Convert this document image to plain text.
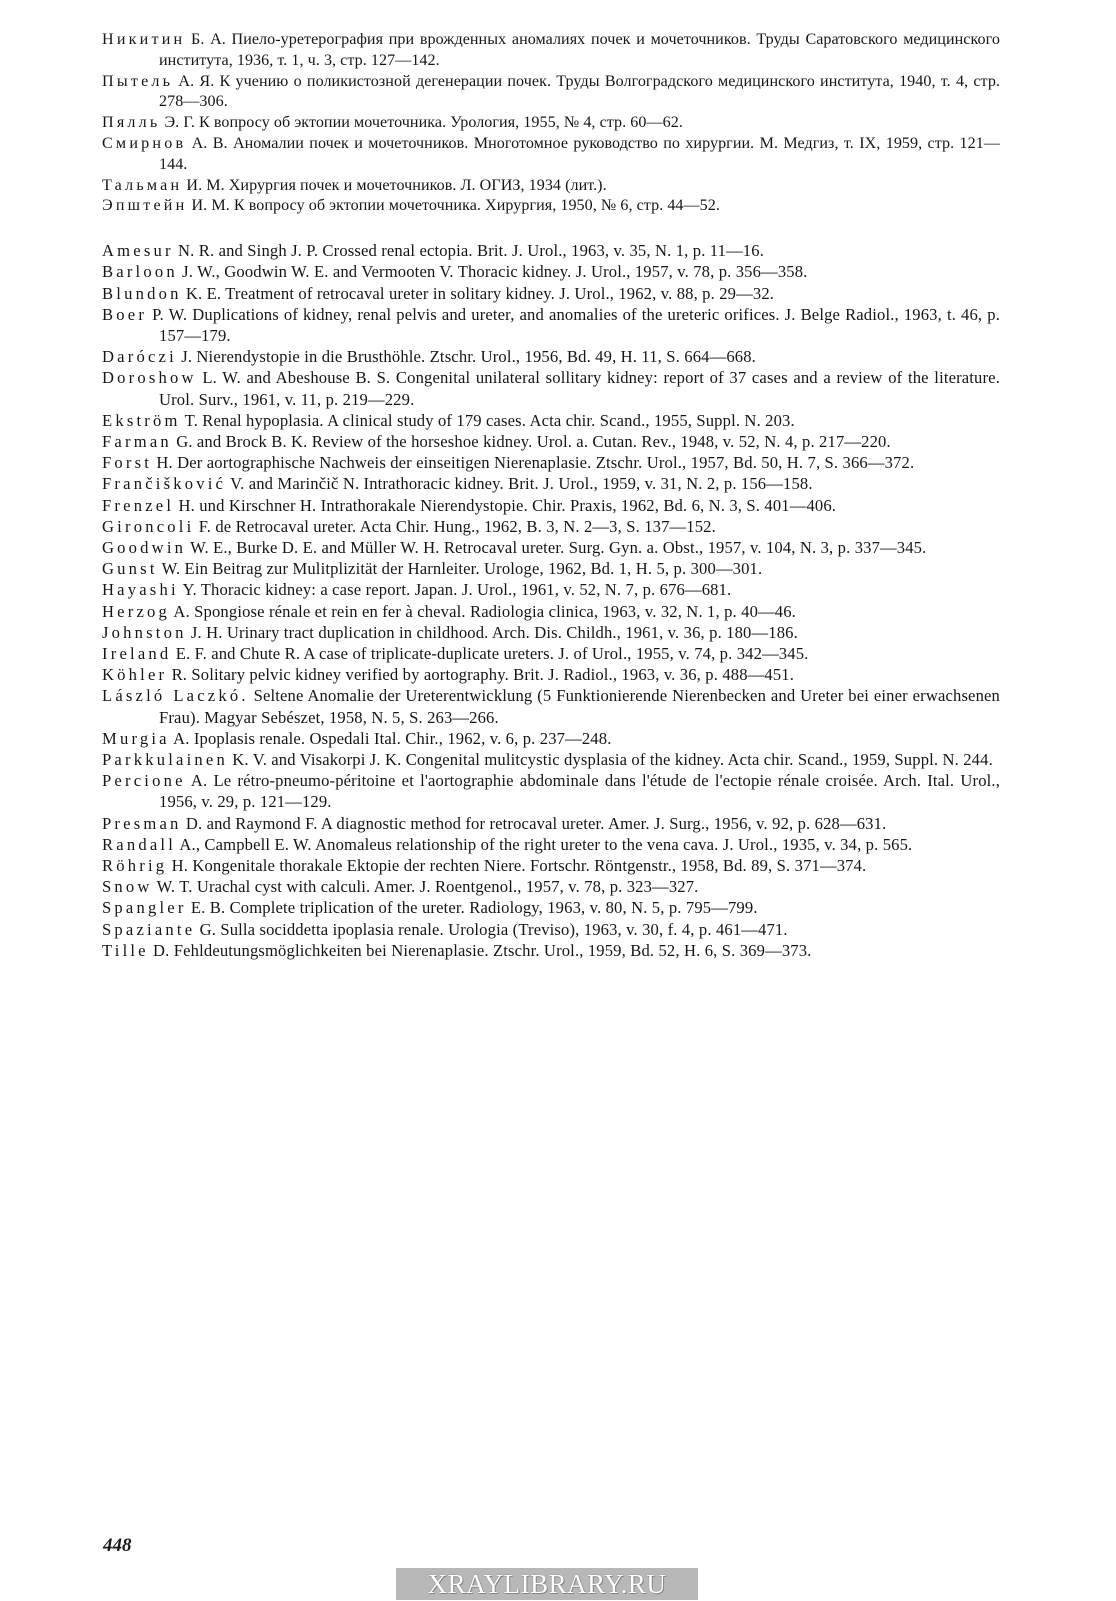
Никитин Б. А. Пиело-уретерография при врожденных аномалиях почек и мочеточников. Труды Саратовского медицинского института, 1936, т. 1, ч. 3, стр. 127—142.
Пытель А. Я. К учению о поликистозной дегенерации почек. Труды Волгоградского медицинского института, 1940, т. 4, стр. 278—306.
Пялль Э. Г. К вопросу об эктопии мочеточника. Урология, 1955, № 4, стр. 60—62.
Смирнов А. В. Аномалии почек и мочеточников. Многотомное руководство по хирургии. М. Медгиз, т. IX, 1959, стр. 121—144.
Тальман И. М. Хирургия почек и мочеточников. Л. ОГИЗ, 1934 (лит.).
Эпштейн И. М. К вопросу об эктопии мочеточника. Хирургия, 1950, № 6, стр. 44—52.
Amesur N. R. and Singh J. P. Crossed renal ectopia. Brit. J. Urol., 1963, v. 35, N. 1, p. 11—16.
Barloon J. W., Goodwin W. E. and Vermooten V. Thoracic kidney. J. Urol., 1957, v. 78, p. 356—358.
Blundon K. E. Treatment of retrocaval ureter in solitary kidney. J. Urol., 1962, v. 88, p. 29—32.
Boer P. W. Duplications of kidney, renal pelvis and ureter, and anomalies of the ureteric orifices. J. Belge Radiol., 1963, t. 46, p. 157—179.
Daróczi J. Nierendystopie in die Brusthöhle. Ztschr. Urol., 1956, Bd. 49, H. 11, S. 664—668.
Doroshow L. W. and Abeshouse B. S. Congenital unilateral sollitary kidney: report of 37 cases and a review of the literature. Urol. Surv., 1961, v. 11, p. 219—229.
Ekström T. Renal hypoplasia. A clinical study of 179 cases. Acta chir. Scand., 1955, Suppl. N. 203.
Farman G. and Brock B. K. Review of the horseshoe kidney. Urol. a. Cutan. Rev., 1948, v. 52, N. 4, p. 217—220.
Forst H. Der aortographische Nachweis der einseitigen Nierenaplasie. Ztschr. Urol., 1957, Bd. 50, H. 7, S. 366—372.
Frančišković V. and Marinčič N. Intrathoracic kidney. Brit. J. Urol., 1959, v. 31, N. 2, p. 156—158.
Frenzel H. und Kirschner H. Intrathorakale Nierendystopie. Chir. Praxis, 1962, Bd. 6, N. 3, S. 401—406.
Gironcoli F. de Retrocaval ureter. Acta Chir. Hung., 1962, B. 3, N. 2—3, S. 137—152.
Goodwin W. E., Burke D. E. and Müller W. H. Retrocaval ureter. Surg. Gyn. a. Obst., 1957, v. 104, N. 3, p. 337—345.
Gunst W. Ein Beitrag zur Mulitplizität der Harnleiter. Urologe, 1962, Bd. 1, H. 5, p. 300—301.
Hayashi Y. Thoracic kidney: a case report. Japan. J. Urol., 1961, v. 52, N. 7, p. 676—681.
Herzog A. Spongiose rénale et rein en fer à cheval. Radiologia clinica, 1963, v. 32, N. 1, p. 40—46.
Johnston J. H. Urinary tract duplication in childhood. Arch. Dis. Childh., 1961, v. 36, p. 180—186.
Ireland E. F. and Chute R. A case of triplicate-duplicate ureters. J. of Urol., 1955, v. 74, p. 342—345.
Köhler R. Solitary pelvic kidney verified by aortography. Brit. J. Radiol., 1963, v. 36, p. 488—451.
László Laczkó. Seltene Anomalie der Ureterentwicklung (5 Funktionierende Nierenbecken and Ureter bei einer erwachsenen Frau). Magyar Sebészet, 1958, N. 5, S. 263—266.
Murgia A. Ipoplasis renale. Ospedali Ital. Chir., 1962, v. 6, p. 237—248.
Parkkulainen K. V. and Visakorpi J. K. Congenital mulitcystic dysplasia of the kidney. Acta chir. Scand., 1959, Suppl. N. 244.
Percione A. Le rétro-pneumo-péritoine et l'aortographie abdominale dans l'étude de l'ectopie rénale croisée. Arch. Ital. Urol., 1956, v. 29, p. 121—129.
Presman D. and Raymond F. A diagnostic method for retrocaval ureter. Amer. J. Surg., 1956, v. 92, p. 628—631.
Randall A., Campbell E. W. Anomaleus relationship of the right ureter to the vena cava. J. Urol., 1935, v. 34, p. 565.
Röhrig H. Kongenitale thorakale Ektopie der rechten Niere. Fortschr. Röntgenstr., 1958, Bd. 89, S. 371—374.
Snow W. T. Urachal cyst with calculi. Amer. J. Roentgenol., 1957, v. 78, p. 323—327.
Spangler E. B. Complete triplication of the ureter. Radiology, 1963, v. 80, N. 5, p. 795—799.
Spaziante G. Sulla sociddetta ipoplasia renale. Urologia (Treviso), 1963, v. 30, f. 4, p. 461—471.
Tille D. Fehldeutungsmöglichkeiten bei Nierenaplasie. Ztschr. Urol., 1959, Bd. 52, H. 6, S. 369—373.
448
XRAYLIBRARY.RU
